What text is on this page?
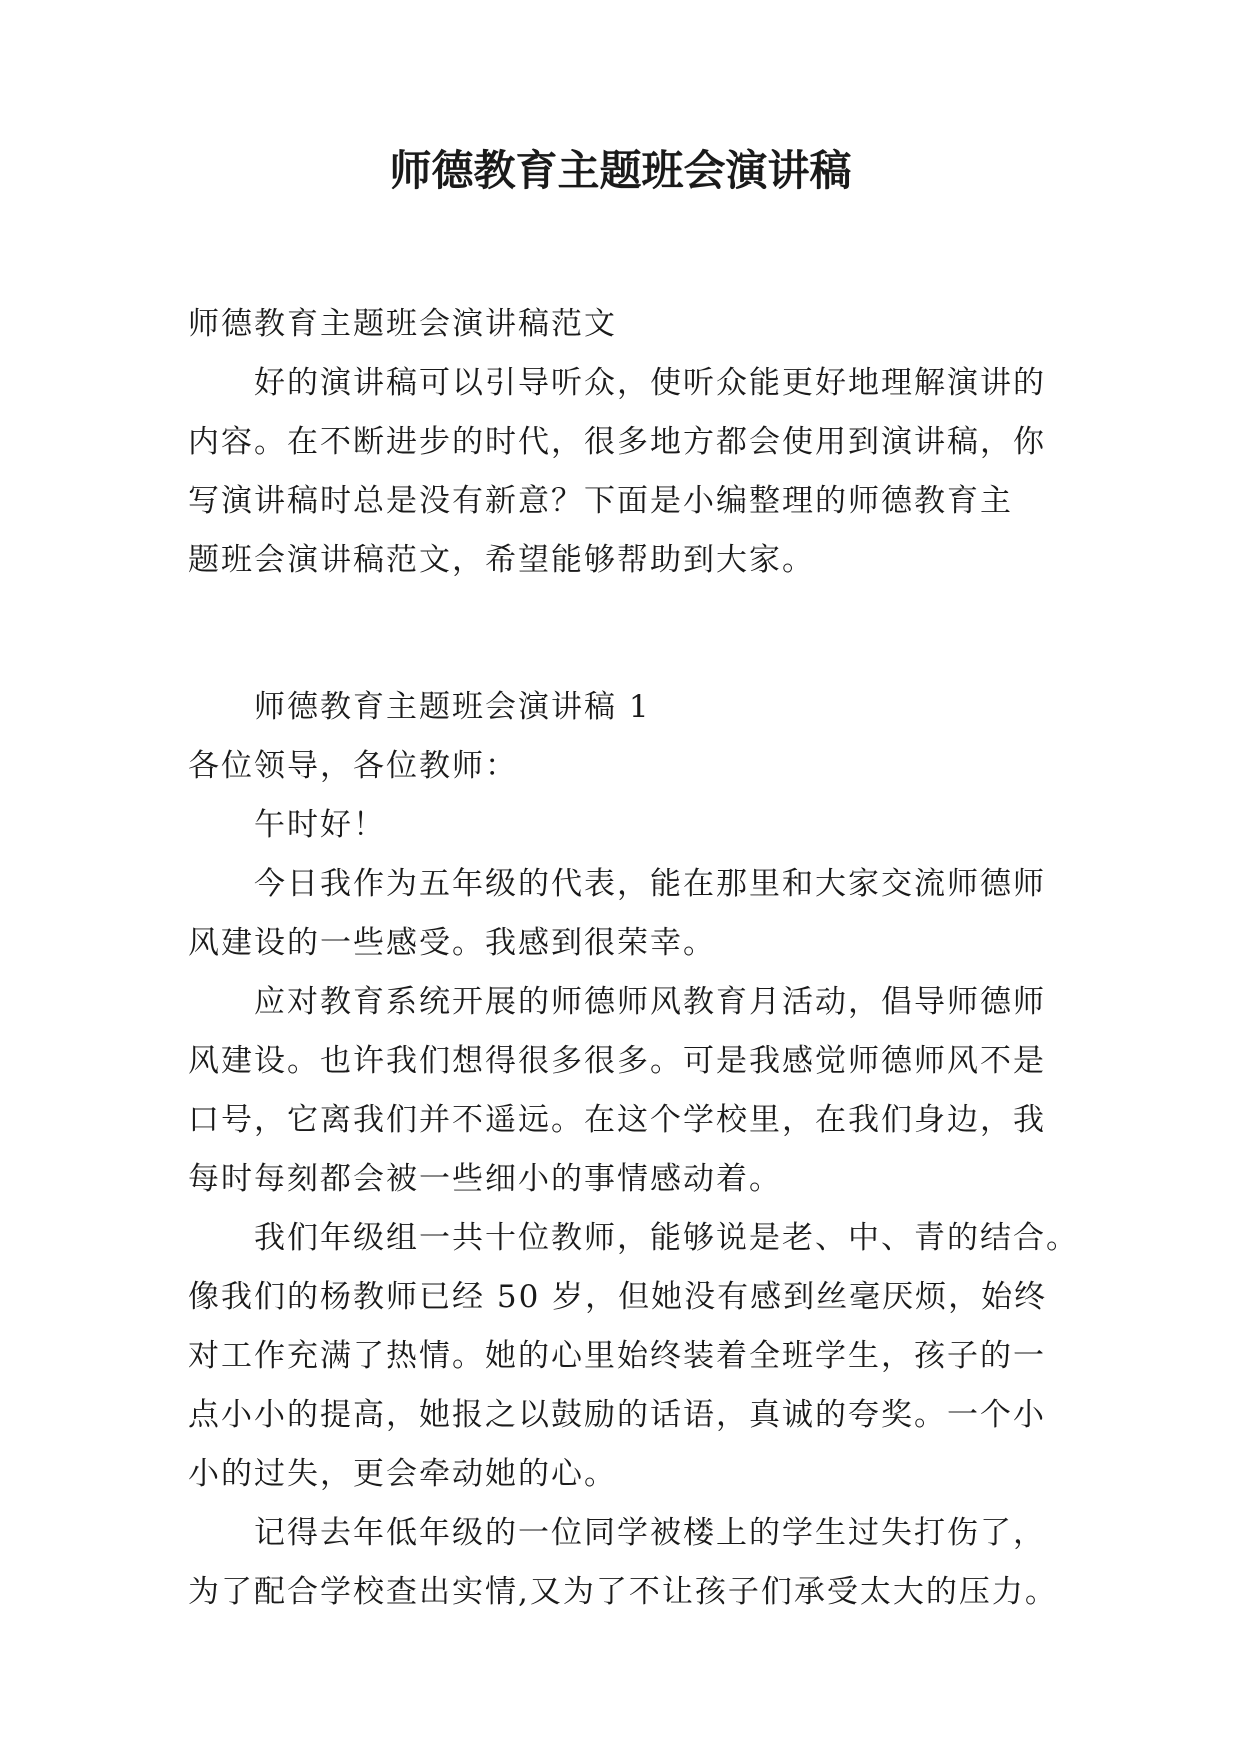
师德教育主题班会演讲稿
师德教育主题班会演讲稿范文
好的演讲稿可以引导听众，使听众能更好地理解演讲的
内容。在不断进步的时代，很多地方都会使用到演讲稿，你
写演讲稿时总是没有新意？下面是小编整理的师德教育主
题班会演讲稿范文，希望能够帮助到大家。
师德教育主题班会演讲稿 1
各位领导，各位教师：
午时好！
今日我作为五年级的代表，能在那里和大家交流师德师
风建设的一些感受。我感到很荣幸。
应对教育系统开展的师德师风教育月活动，倡导师德师
风建设。也许我们想得很多很多。可是我感觉师德师风不是
口号，它离我们并不遥远。在这个学校里，在我们身边，我
每时每刻都会被一些细小的事情感动着。
我们年级组一共十位教师，能够说是老、中、青的结合。
像我们的杨教师已经 50 岁，但她没有感到丝毫厌烦，始终
对工作充满了热情。她的心里始终装着全班学生，孩子的一
点小小的提高，她报之以鼓励的话语，真诚的夸奖。一个小
小的过失，更会牵动她的心。
记得去年低年级的一位同学被楼上的学生过失打伤了，
为了配合学校查出实情,又为了不让孩子们承受太大的压力。
